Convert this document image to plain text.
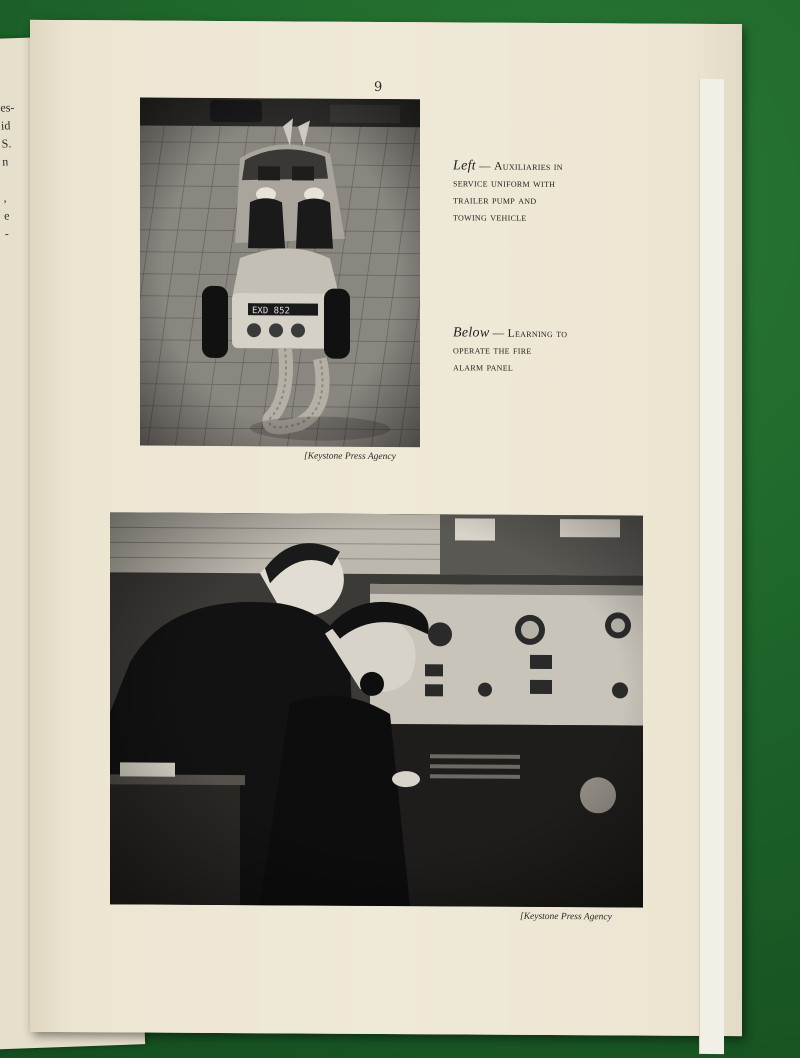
es-
id
S.
n
,
e
-
9
[Keystone Press Agency
Left — Auxiliaries in
service uniform with
trailer pump and
towing vehicle
Below — Learning to
operate the fire
alarm panel
[Keystone Press Agency
